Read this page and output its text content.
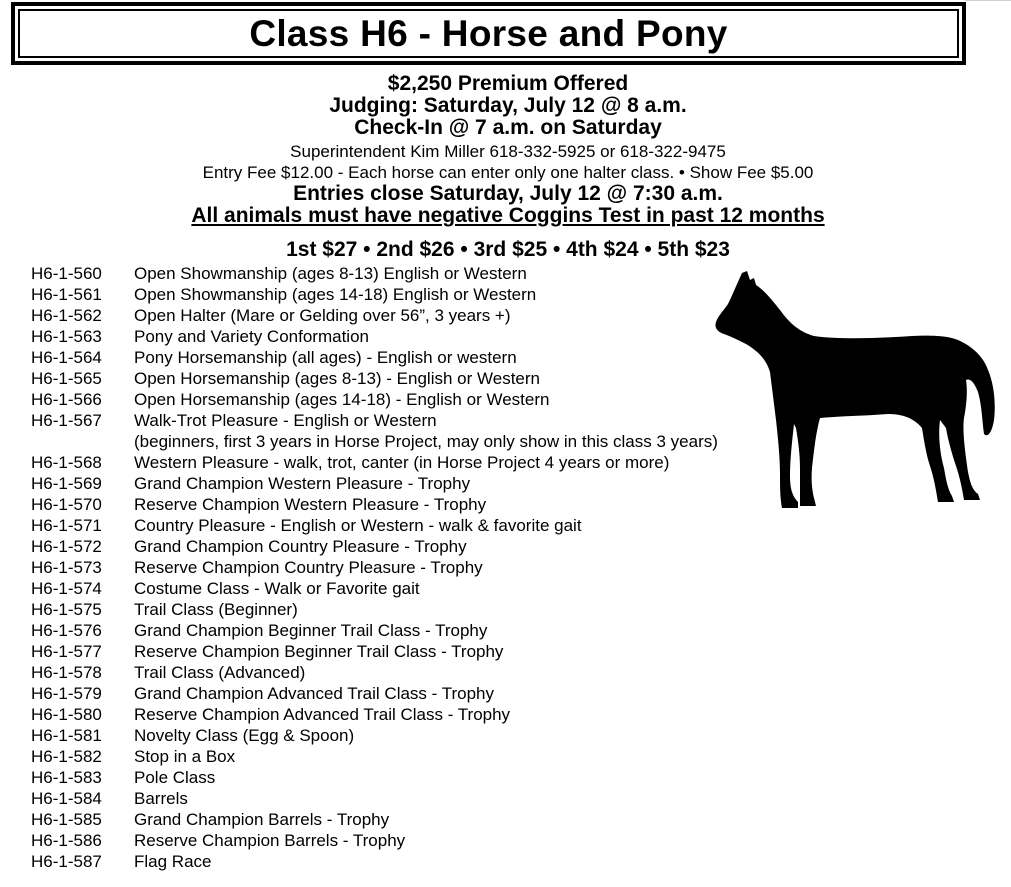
Class H6 - Horse and Pony
$2,250 Premium Offered
Judging: Saturday, July 12 @ 8 a.m.
Check-In @ 7 a.m. on Saturday
Superintendent Kim Miller 618-332-5925 or 618-322-9475
Entry Fee $12.00 - Each horse can enter only one halter class. • Show Fee $5.00
Entries close Saturday, July 12 @ 7:30 a.m.
All animals must have negative Coggins Test in past 12 months
1st $27 • 2nd $26 • 3rd $25 • 4th $24 • 5th $23
H6-1-560 Open Showmanship (ages 8-13) English or Western
H6-1-561 Open Showmanship (ages 14-18) English or Western
H6-1-562 Open Halter (Mare or Gelding over 56”, 3 years +)
H6-1-563 Pony and Variety Conformation
H6-1-564 Pony Horsemanship (all ages) - English or western
H6-1-565 Open Horsemanship (ages 8-13) - English or Western
H6-1-566 Open Horsemanship (ages 14-18) - English or Western
H6-1-567 Walk-Trot Pleasure - English or Western
(beginners, first 3 years in Horse Project, may only show in this class 3 years)
H6-1-568 Western Pleasure - walk, trot, canter (in Horse Project 4 years or more)
H6-1-569 Grand Champion Western Pleasure - Trophy
H6-1-570 Reserve Champion Western Pleasure - Trophy
H6-1-571 Country Pleasure - English or Western - walk & favorite gait
H6-1-572 Grand Champion Country Pleasure - Trophy
H6-1-573 Reserve Champion Country Pleasure - Trophy
H6-1-574 Costume Class - Walk or Favorite gait
H6-1-575 Trail Class (Beginner)
H6-1-576 Grand Champion Beginner Trail Class - Trophy
H6-1-577 Reserve Champion Beginner Trail Class - Trophy
H6-1-578 Trail Class (Advanced)
H6-1-579 Grand Champion Advanced Trail Class - Trophy
H6-1-580 Reserve Champion Advanced Trail Class - Trophy
H6-1-581 Novelty Class (Egg & Spoon)
H6-1-582 Stop in a Box
H6-1-583 Pole Class
H6-1-584 Barrels
H6-1-585 Grand Champion Barrels - Trophy
H6-1-586 Reserve Champion Barrels - Trophy
H6-1-587 Flag Race
